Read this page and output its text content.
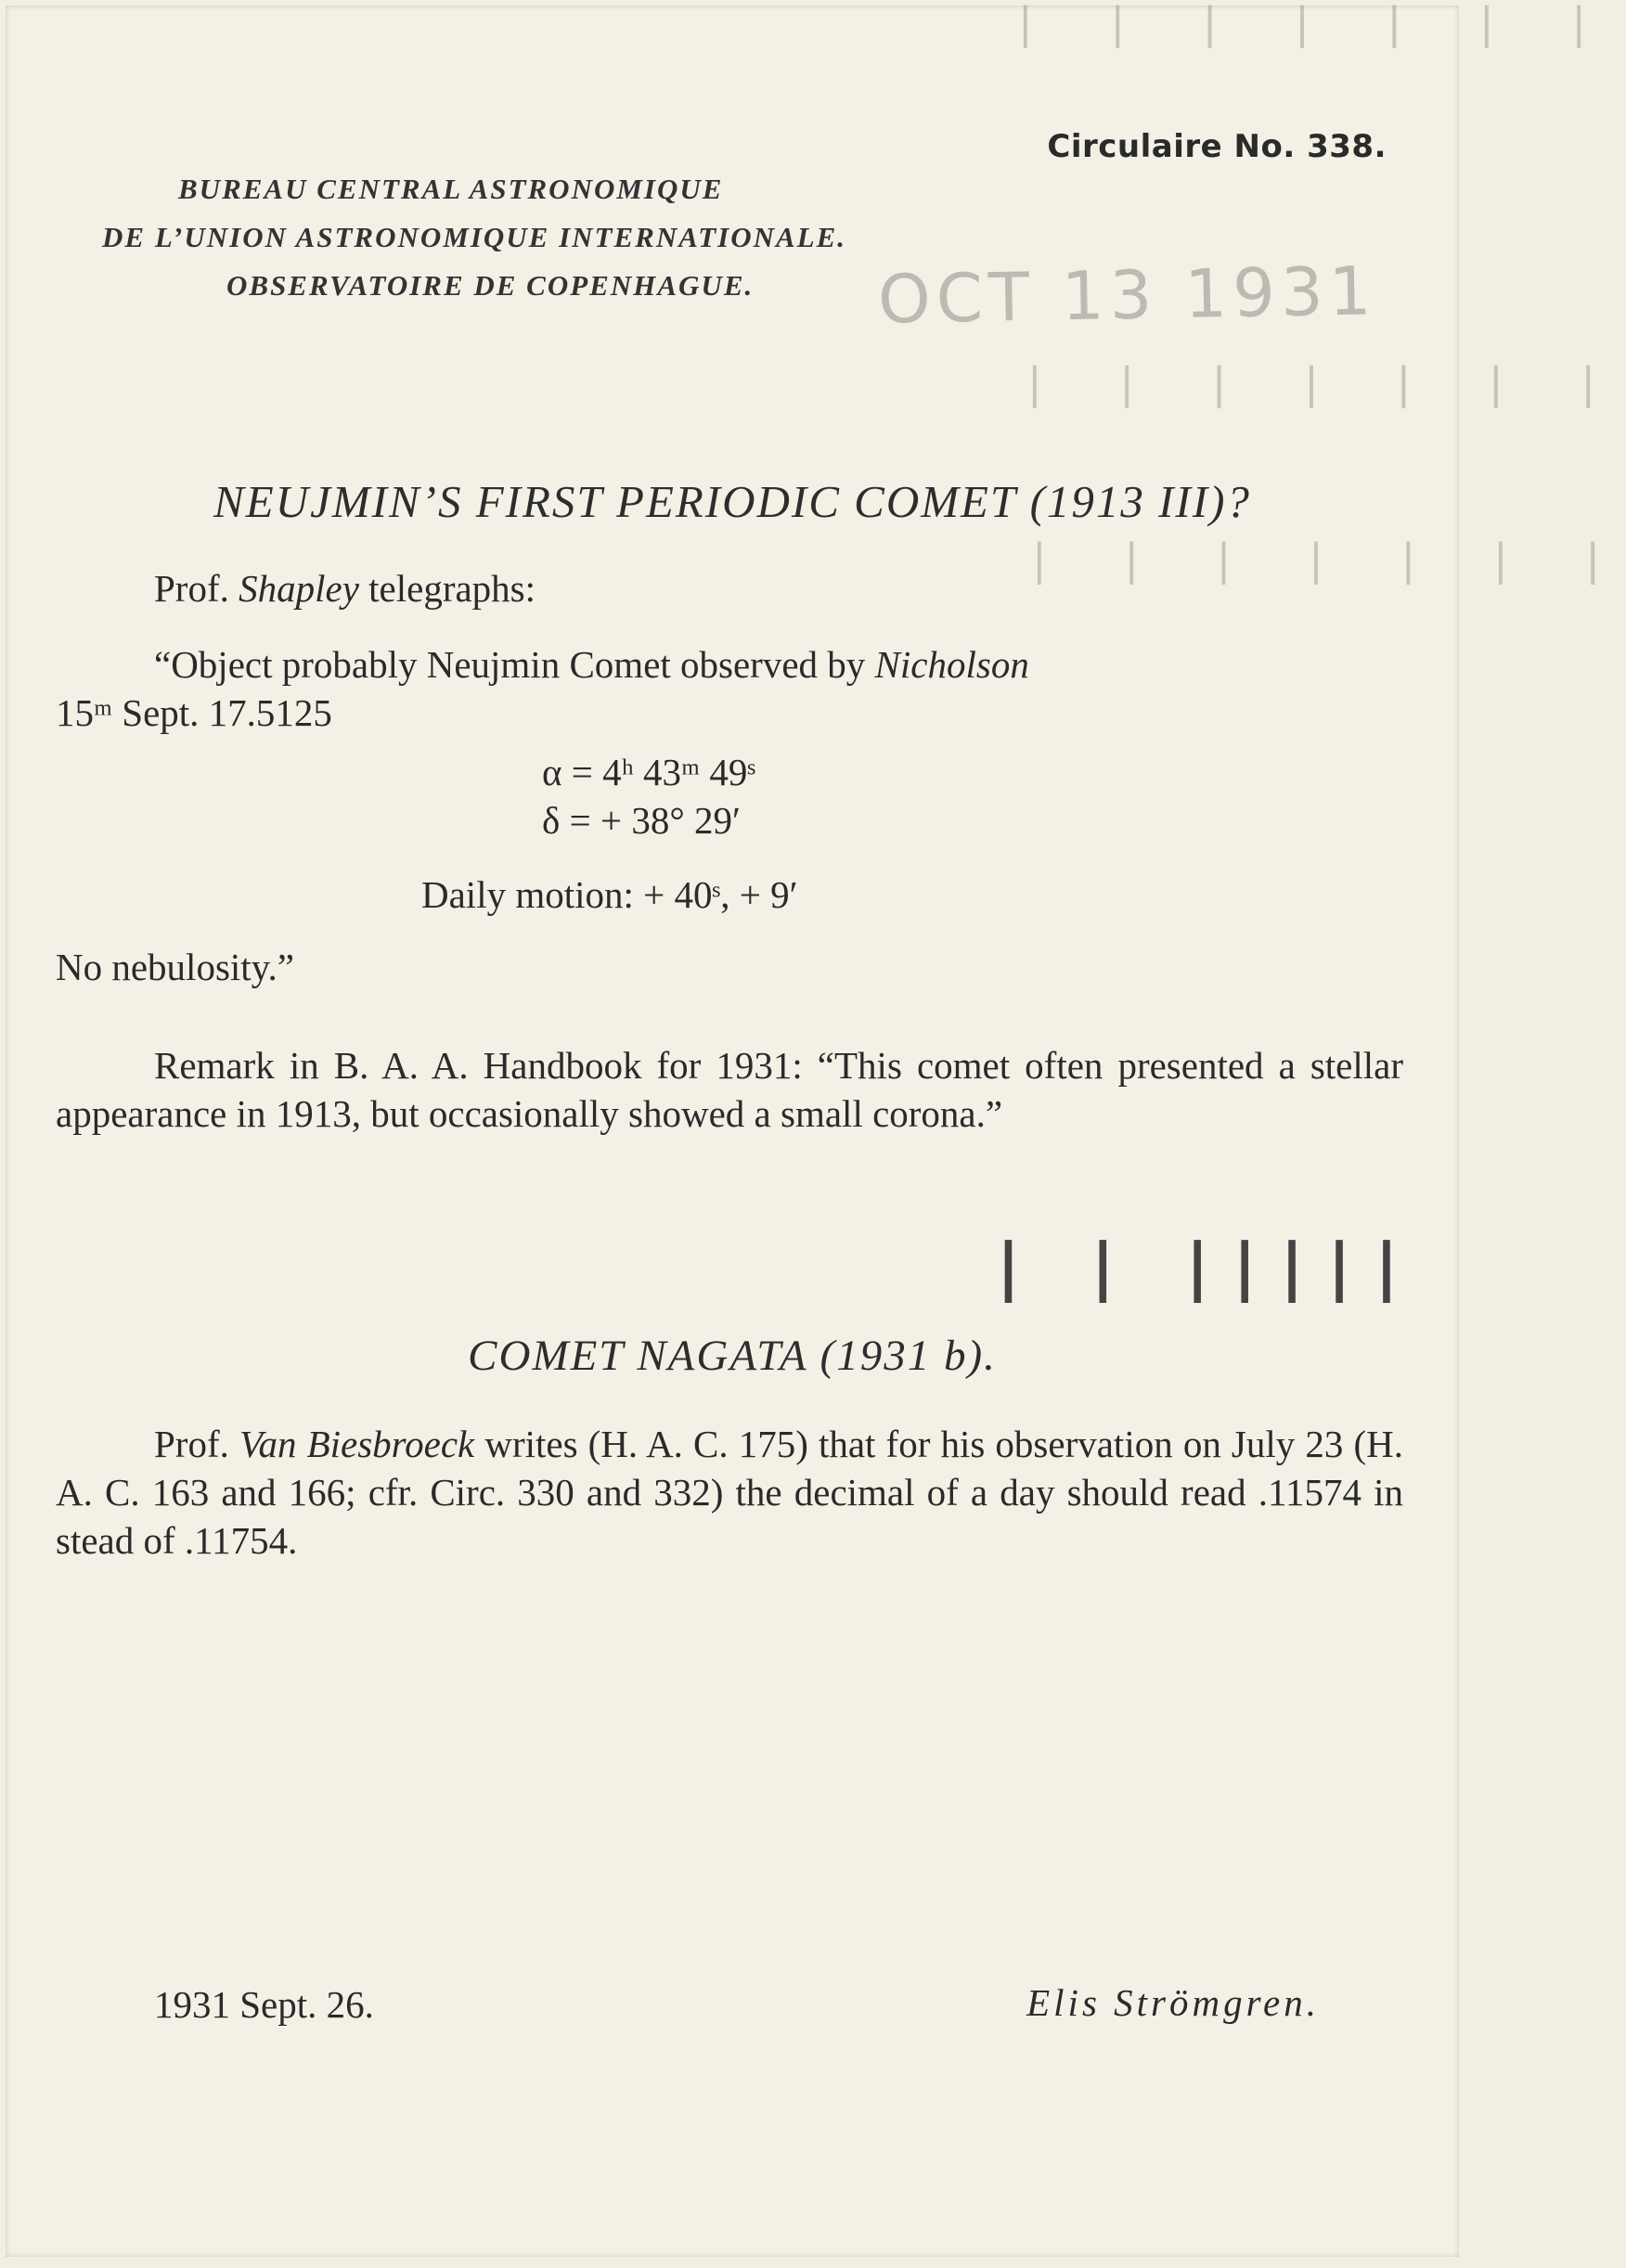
| | | | | | |
| | | | | | |
| | | | | | |
Circulaire No. 338.
BUREAU CENTRAL ASTRONOMIQUE
DE L’UNION ASTRONOMIQUE INTERNATIONALE.
OBSERVATOIRE DE COPENHAGUE. OCT 13 1931
NEUJMIN’S FIRST PERIODIC COMET (1913 III)?
Prof. Shapley telegraphs:
“Object probably Neujmin Comet observed by Nicholson
15ᵐ Sept. 17.5125
α = 4ʰ 43ᵐ 49ˢ
δ = + 38° 29′
Daily motion: + 40ˢ, + 9′
No nebulosity.”
Remark in B. A. A. Handbook for 1931: “This comet often presented a stellar appearance in 1913, but occasionally showed a small corona.”
| | |||||
COMET NAGATA (1931 b).
Prof. Van Biesbroeck writes (H. A. C. 175) that for his observation on July 23 (H. A. C. 163 and 166; cfr. Circ. 330 and 332) the decimal of a day should read .11574 in stead of .11754.
1931 Sept. 26.	Elis Strömgren.
